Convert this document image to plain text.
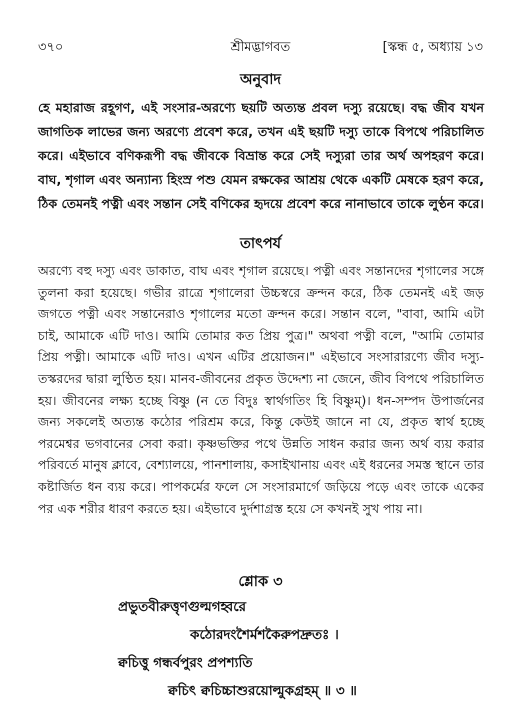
৩৭০	শ্রীমদ্ভাগবত	[স্কন্ধ ৫, অধ্যায় ১৩
অনুবাদ
হে মহারাজ রহূগণ, এই সংসার-অরণ্যে ছয়টি অত্যন্ত প্রবল দস্যু রয়েছে। বদ্ধ জীব যখন জাগতিক লাভের জন্য অরণ্যে প্রবেশ করে, তখন এই ছয়টি দস্যু তাকে বিপথে পরিচালিত করে। এইভাবে বণিকরূপী বদ্ধ জীবকে বিভ্রান্ত করে সেই দস্যুরা তার অর্থ অপহরণ করে। বাঘ, শৃগাল এবং অন্যান্য হিংস্র পশু যেমন রক্ষকের আশ্রয় থেকে একটি মেষকে হরণ করে, ঠিক তেমনই পত্নী এবং সন্তান সেই বণিকের হৃদয়ে প্রবেশ করে নানাভাবে তাকে লুণ্ঠন করে।
তাৎপর্য
অরণ্যে বহু দস্যু এবং ডাকাত, বাঘ এবং শৃগাল রয়েছে। পত্নী এবং সন্তানদের শৃগালের সঙ্গে তুলনা করা হয়েছে। গভীর রাত্রে শৃগালেরা উচ্চস্বরে ক্রন্দন করে, ঠিক তেমনই এই জড় জগতে পত্নী এবং সন্তানেরাও শৃগালের মতো ক্রন্দন করে। সন্তান বলে, "বাবা, আমি এটা চাই, আমাকে এটি দাও। আমি তোমার কত প্রিয় পুত্র।" অথবা পত্নী বলে, "আমি তোমার প্রিয় পত্নী। আমাকে এটি দাও। এখন এটির প্রয়োজন।" এইভাবে সংসারারণ্যে জীব দস্যু-তস্করদের দ্বারা লুণ্ঠিত হয়। মানব-জীবনের প্রকৃত উদ্দেশ্য না জেনে, জীব বিপথে পরিচালিত হয়। জীবনের লক্ষ্য হচ্ছে বিষ্ণু (ন তে বিদুঃ স্বার্থগতিং হি বিষ্ণুম্)। ধন-সম্পদ উপার্জনের জন্য সকলেই অত্যন্ত কঠোর পরিশ্রম করে, কিন্তু কেউই জানে না যে, প্রকৃত স্বার্থ হচ্ছে পরমেশ্বর ভগবানের সেবা করা। কৃষ্ণভক্তির পথে উন্নতি সাধন করার জন্য অর্থ ব্যয় করার পরিবর্তে মানুষ ক্লাবে, বেশ্যালয়ে, পানশালায়, কসাইখানায় এবং এই ধরনের সমস্ত স্থানে তার কষ্টার্জিত ধন ব্যয় করে। পাপকর্মের ফলে সে সংসারমার্গে জড়িয়ে পড়ে এবং তাকে একের পর এক শরীর ধারণ করতে হয়। এইভাবে দুর্দশাগ্রস্ত হয়ে সে কখনই সুখ পায় না।
শ্লোক ৩
প্রভুতবীরুত্তৃণগুল্মগহ্বরে
কঠোরদংশৈর্মশকৈরুপদ্রুতঃ ।
ক্বচিত্তু গন্ধর্বপুরং প্রপশ্যতি
ক্বচিৎ ক্বচিচ্চাশুরয়োল্মুকগ্রহম্ ॥ ৩ ॥
